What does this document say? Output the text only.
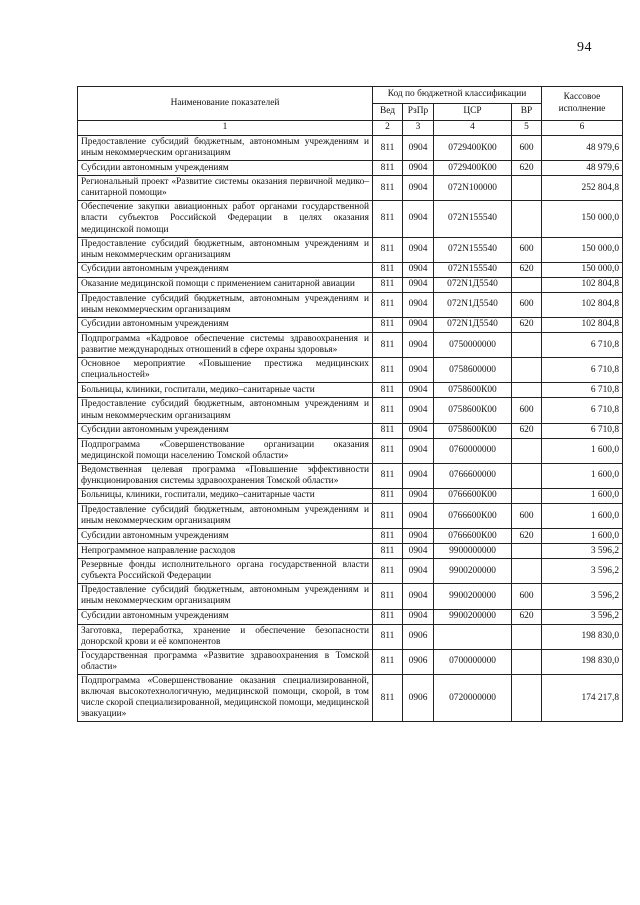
94
Наименование показателей	Код по бюджетной классификации				Кассовое исполнение
	Вед	РзПр	ЦСР	ВР	
1	2	3	4	5	6
Предоставление субсидий бюджетным, автономным учреждениям и иным некоммерческим организациям	811	0904	0729400К00	600	48 979,6
Субсидии автономным учреждениям	811	0904	0729400К00	620	48 979,6
Региональный проект «Развитие системы оказания первичной медико–санитарной помощи»	811	0904	072N100000		252 804,8
Обеспечение закупки авиационных работ органами государственной власти субъектов Российской Федерации в целях оказания медицинской помощи	811	0904	072N155540		150 000,0
Предоставление субсидий бюджетным, автономным учреждениям и иным некоммерческим организациям	811	0904	072N155540	600	150 000,0
Субсидии автономным учреждениям	811	0904	072N155540	620	150 000,0
Оказание медицинской помощи с применением санитарной авиации	811	0904	072N1Д5540		102 804,8
Предоставление субсидий бюджетным, автономным учреждениям и иным некоммерческим организациям	811	0904	072N1Д5540	600	102 804,8
Субсидии автономным учреждениям	811	0904	072N1Д5540	620	102 804,8
Подпрограмма «Кадровое обеспечение системы здравоохранения и развитие международных отношений в сфере охраны здоровья»	811	0904	0750000000		6 710,8
Основное мероприятие «Повышение престижа медицинских специальностей»	811	0904	0758600000		6 710,8
Больницы, клиники, госпитали, медико–санитарные части	811	0904	0758600К00		6 710,8
Предоставление субсидий бюджетным, автономным учреждениям и иным некоммерческим организациям	811	0904	0758600К00	600	6 710,8
Субсидии автономным учреждениям	811	0904	0758600К00	620	6 710,8
Подпрограмма «Совершенствование организации оказания медицинской помощи населению Томской области»	811	0904	0760000000		1 600,0
Ведомственная целевая программа «Повышение эффективности функционирования системы здравоохранения Томской области»	811	0904	0766600000		1 600,0
Больницы, клиники, госпитали, медико–санитарные части	811	0904	0766600К00		1 600,0
Предоставление субсидий бюджетным, автономным учреждениям и иным некоммерческим организациям	811	0904	0766600К00	600	1 600,0
Субсидии автономным учреждениям	811	0904	0766600К00	620	1 600,0
Непрограммное направление расходов	811	0904	9900000000		3 596,2
Резервные фонды исполнительного органа государственной власти субъекта Российской Федерации	811	0904	9900200000		3 596,2
Предоставление субсидий бюджетным, автономным учреждениям и иным некоммерческим организациям	811	0904	9900200000	600	3 596,2
Субсидии автономным учреждениям	811	0904	9900200000	620	3 596,2
Заготовка, переработка, хранение и обеспечение безопасности донорской крови и её компонентов	811	0906			198 830,0
Государственная программа «Развитие здравоохранения в Томской области»	811	0906	0700000000		198 830,0
Подпрограмма «Совершенствование оказания специализированной, включая высокотехнологичную, медицинской помощи, скорой, в том числе скорой специализированной, медицинской помощи, медицинской эвакуации»	811	0906	0720000000		174 217,8
